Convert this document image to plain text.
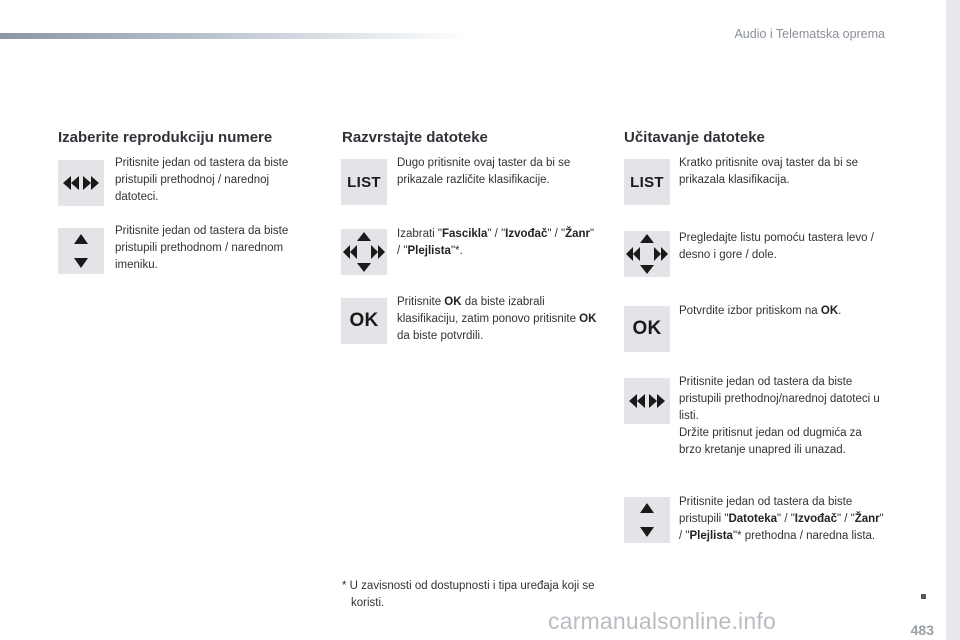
Audio i Telematska oprema
Izaberite reprodukciju numere
Pritisnite jedan od tastera da biste pristupili prethodnoj / narednoj datoteci.
Pritisnite jedan od tastera da biste pristupili prethodnom / narednom imeniku.
Razvrstajte datoteke
LIST
Dugo pritisnite ovaj taster da bi se prikazale različite klasifikacije.
Izabrati "Fascikla" / "Izvođač" / "Žanr" / "Plejlista"*.
OK
Pritisnite OK da biste izabrali klasifikaciju, zatim ponovo pritisnite OK da biste potvrdili.
* U zavisnosti od dostupnosti i tipa uređaja koji se koristi.
Učitavanje datoteke
LIST
Kratko pritisnite ovaj taster da bi se prikazala klasifikacija.
Pregledajte listu pomoću tastera levo / desno i gore / dole.
OK
Potvrdite izbor pritiskom na OK.
Pritisnite jedan od tastera da biste pristupili prethodnoj/narednoj datoteci u listi.
Držite pritisnut jedan od dugmića za brzo kretanje unapred ili unazad.
Pritisnite jedan od tastera da biste pristupili "Datoteka" / "Izvođač" / "Žanr" / "Plejlista"* prethodna / naredna lista.
483
carmanualsonline.info
